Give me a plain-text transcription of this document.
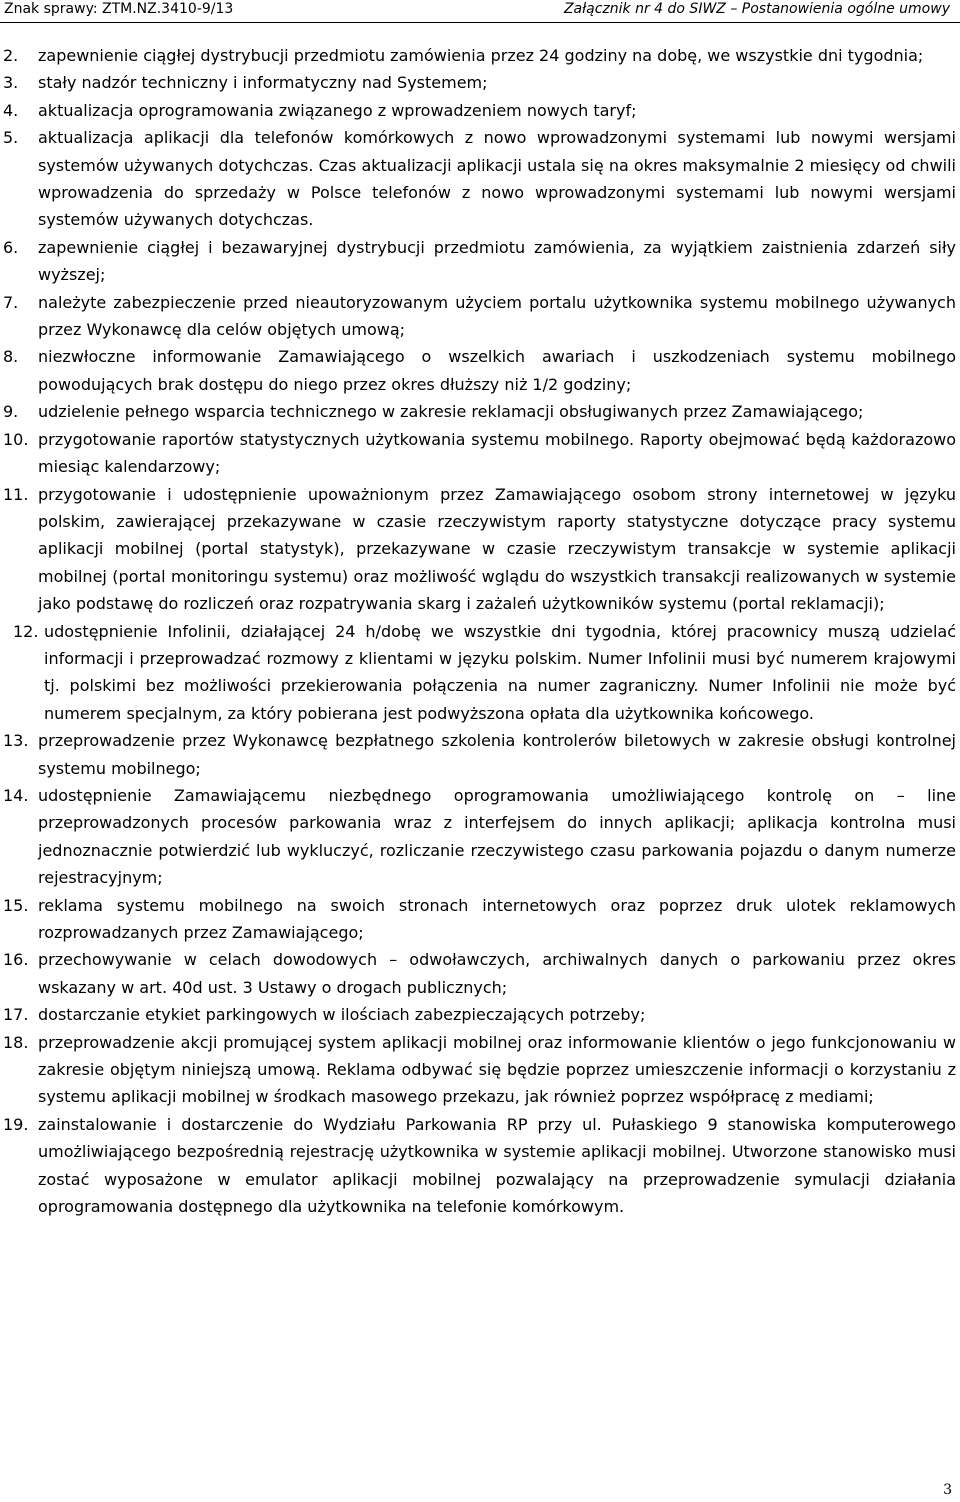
Znak sprawy: ZTM.NZ.3410-9/13	Załącznik nr 4 do SIWZ – Postanowienia ogólne umowy
2. zapewnienie ciągłej dystrybucji przedmiotu zamówienia przez 24 godziny na dobę, we wszystkie dni tygodnia;
3. stały nadzór techniczny i informatyczny nad Systemem;
4. aktualizacja oprogramowania związanego z wprowadzeniem nowych taryf;
5. aktualizacja aplikacji dla telefonów komórkowych z nowo wprowadzonymi systemami lub nowymi wersjami systemów używanych dotychczas. Czas aktualizacji aplikacji ustala się na okres maksymalnie 2 miesięcy od chwili wprowadzenia do sprzedaży w Polsce telefonów z nowo wprowadzonymi systemami lub nowymi wersjami systemów używanych dotychczas.
6. zapewnienie ciągłej i bezawaryjnej dystrybucji przedmiotu zamówienia, za wyjątkiem zaistnienia zdarzeń siły wyższej;
7. należyte zabezpieczenie przed nieautoryzowanym użyciem portalu użytkownika systemu mobilnego używanych przez Wykonawcę dla celów objętych umową;
8. niezwłoczne informowanie Zamawiającego o wszelkich awariach i uszkodzeniach systemu mobilnego powodujących brak dostępu do niego przez okres dłuższy niż 1/2 godziny;
9. udzielenie pełnego wsparcia technicznego w zakresie reklamacji obsługiwanych przez Zamawiającego;
10. przygotowanie raportów statystycznych użytkowania systemu mobilnego. Raporty obejmować będą każdorazowo miesiąc kalendarzowy;
11. przygotowanie i udostępnienie upoważnionym przez Zamawiającego osobom strony internetowej w języku polskim, zawierającej przekazywane w czasie rzeczywistym raporty statystyczne dotyczące pracy systemu aplikacji mobilnej (portal statystyk), przekazywane w czasie rzeczywistym transakcje w systemie aplikacji mobilnej (portal monitoringu systemu) oraz możliwość wglądu do wszystkich transakcji realizowanych w systemie jako podstawę do rozliczeń oraz rozpatrywania skarg i zażaleń użytkowników systemu (portal reklamacji);
12. udostępnienie Infolinii, działającej 24 h/dobę we wszystkie dni tygodnia, której pracownicy muszą udzielać informacji i przeprowadzać rozmowy z klientami w języku polskim. Numer Infolinii musi być numerem krajowymi tj. polskimi bez możliwości przekierowania połączenia na numer zagraniczny. Numer Infolinii nie może być numerem specjalnym, za który pobierana jest podwyższona opłata dla użytkownika końcowego.
13. przeprowadzenie przez Wykonawcę bezpłatnego szkolenia kontrolerów biletowych w zakresie obsługi kontrolnej systemu mobilnego;
14. udostępnienie Zamawiającemu niezbędnego oprogramowania umożliwiającego kontrolę on – line przeprowadzonych procesów parkowania wraz z interfejsem do innych aplikacji; aplikacja kontrolna musi jednoznacznie potwierdzić lub wykluczyć, rozliczanie rzeczywistego czasu parkowania pojazdu o danym numerze rejestracyjnym;
15. reklama systemu mobilnego na swoich stronach internetowych oraz poprzez druk ulotek reklamowych rozprowadzanych przez Zamawiającego;
16. przechowywanie w celach dowodowych – odwoławczych, archiwalnych danych o parkowaniu przez okres wskazany w art. 40d ust. 3 Ustawy o drogach publicznych;
17. dostarczanie etykiet parkingowych w ilościach zabezpieczających potrzeby;
18. przeprowadzenie akcji promującej system aplikacji mobilnej oraz informowanie klientów o jego funkcjonowaniu w zakresie objętym niniejszą umową. Reklama odbywać się będzie poprzez umieszczenie informacji o korzystaniu z systemu aplikacji mobilnej w środkach masowego przekazu, jak również poprzez współpracę z mediami;
19. zainstalowanie i dostarczenie do Wydziału Parkowania RP przy ul. Pułaskiego 9 stanowiska komputerowego umożliwiającego bezpośrednią rejestrację użytkownika w systemie aplikacji mobilnej. Utworzone stanowisko musi zostać wyposażone w emulator aplikacji mobilnej pozwalający na przeprowadzenie symulacji działania oprogramowania dostępnego dla użytkownika na telefonie komórkowym.
3
